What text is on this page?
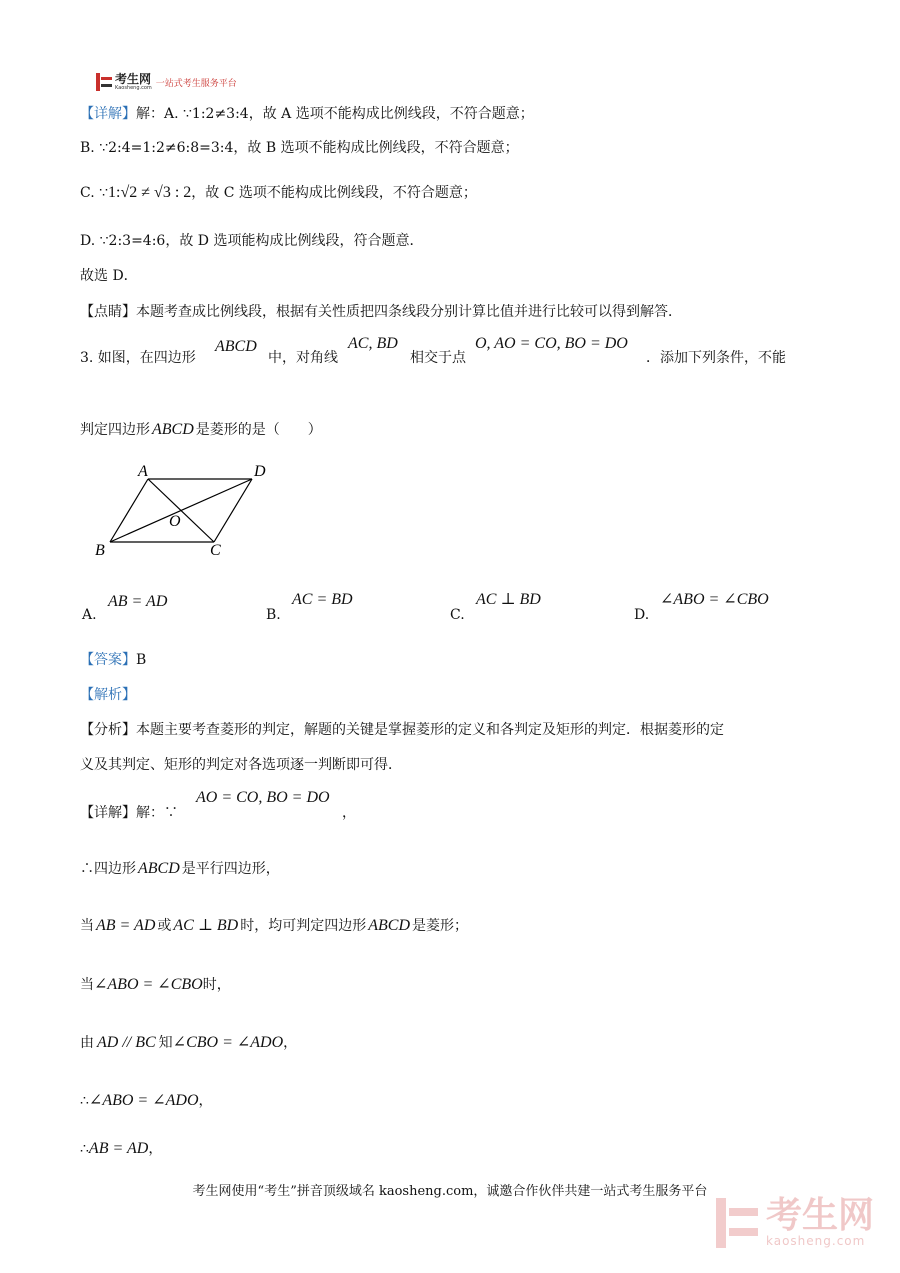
考生网
Kaosheng.com 一站式考生服务平台
【详解】解：A. ∵1:2≠3:4，故 A 选项不能构成比例线段，不符合题意；
B. ∵2:4=1:2≠6:8=3:4，故 B 选项不能构成比例线段，不符合题意；
C. ∵1:√2 ≠ √3 : 2，故 C 选项不能构成比例线段，不符合题意；
D. ∵2:3=4:6，故 D 选项能构成比例线段，符合题意．
故选 D．
【点睛】本题考查成比例线段，根据有关性质把四条线段分别计算比值并进行比较可以得到解答．
3. 如图，在四边形
ABCD
中，对角线
AC, BD
相交于点
O, AO = CO, BO = DO
．添加下列条件，不能
判定四边形 ABCD 是菱形的是（　　）
A	D
O
B	C
A.
AB = AD
B.
AC = BD
C.
AC ⊥ BD
D.
∠ABO = ∠CBO
【答案】B
【解析】
【分析】本题主要考查菱形的判定，解题的关键是掌握菱形的定义和各判定及矩形的判定．根据菱形的定
义及其判定、矩形的判定对各选项逐一判断即可得．
【详解】解：∵
AO = CO, BO = DO
，
∴四边形 ABCD 是平行四边形，
当 AB = AD 或 AC ⊥ BD 时，均可判定四边形 ABCD 是菱形；
当∠ABO = ∠CBO时，
由 AD // BC 知∠CBO = ∠ADO，
∴∠ABO = ∠ADO，
∴AB = AD，
考生网使用“考生”拼音顶级域名 kaosheng.com，诚邀合作伙伴共建一站式考生服务平台
考生网
kaosheng.com
